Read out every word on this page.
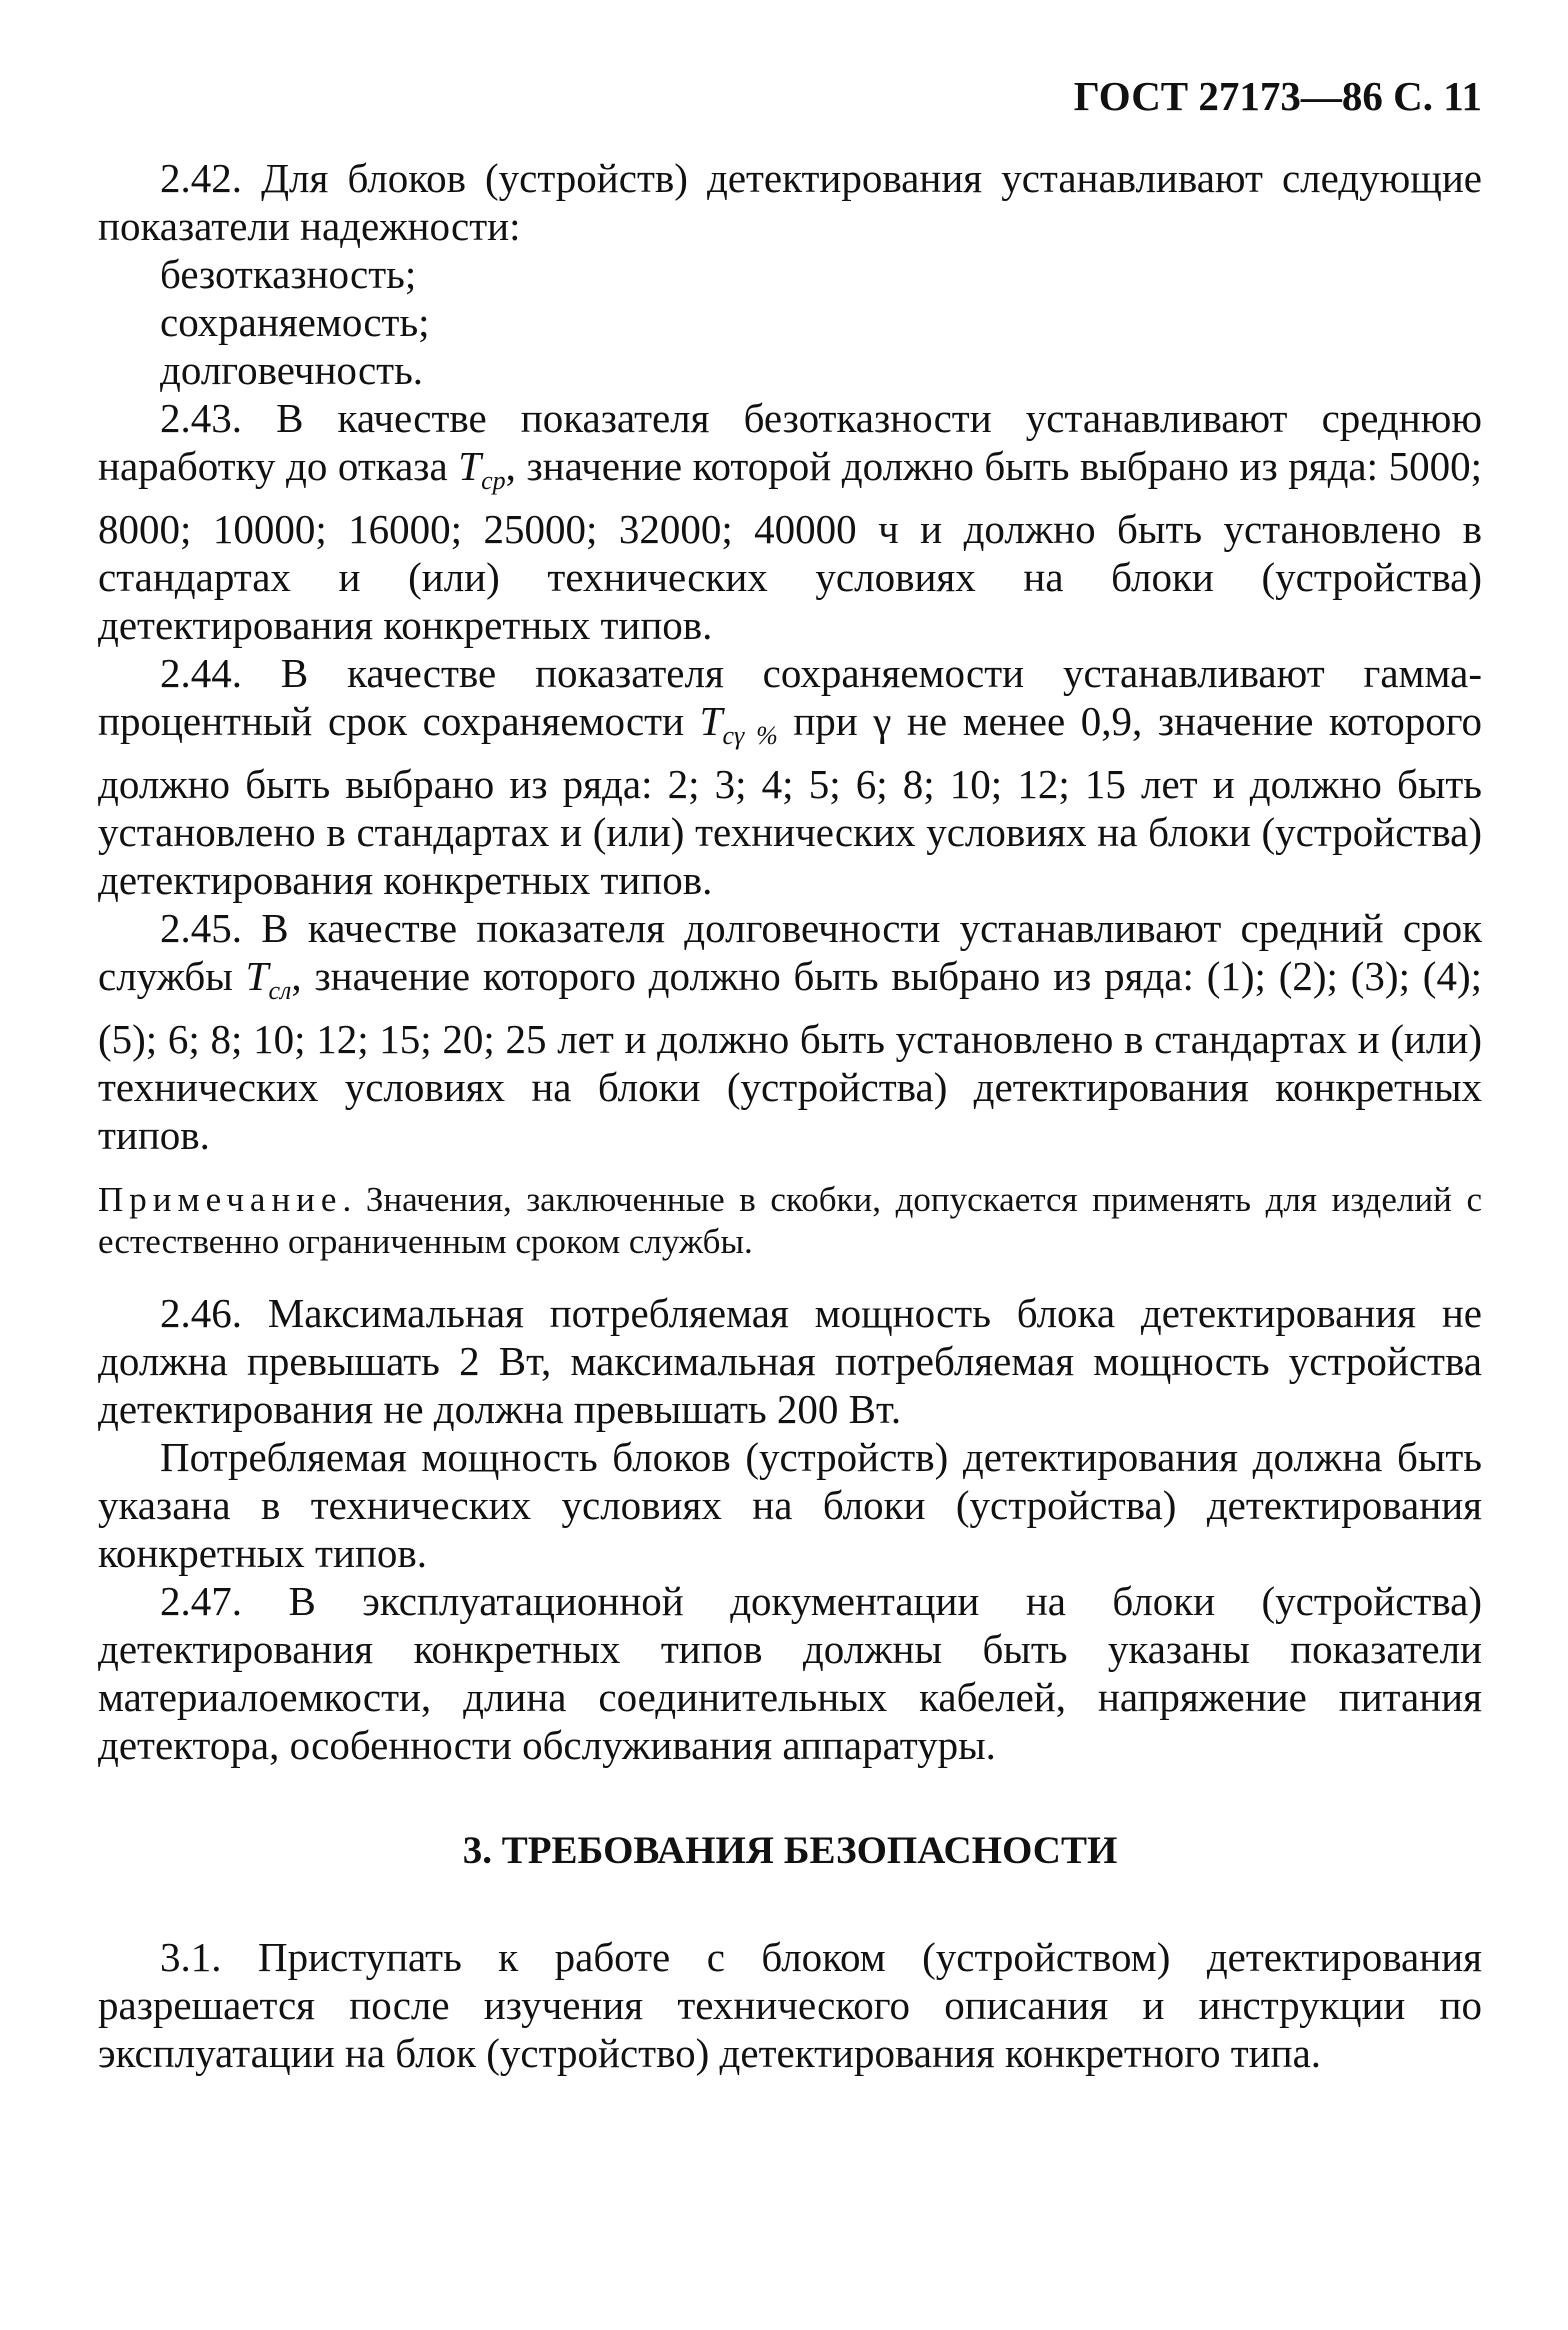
ГОСТ 27173—86 С. 11

2.42. Для блоков (устройств) детектирования устанавливают следующие показатели надежности:

безотказность;

сохраняемость;

долговечность.

2.43. В качестве показателя безотказности устанавливают среднюю наработку до отказа $T_{ср}$, значение которой должно быть выбрано из ряда: 5000; 8000; 10000; 16000; 25000; 32000; 40000 ч и должно быть установлено в стандартах и (или) технических условиях на блоки (устройства) детектирования конкретных типов.

2.44. В качестве показателя сохраняемости устанавливают гамма-процентный срок сохраняемости $T_{с\gamma \%}$ при γ не менее 0,9, значение которого должно быть выбрано из ряда: 2; 3; 4; 5; 6; 8; 10; 12; 15 лет и должно быть установлено в стандартах и (или) технических условиях на блоки (устройства) детектирования конкретных типов.

2.45. В качестве показателя долговечности устанавливают средний срок службы $T_{сл}$, значение которого должно быть выбрано из ряда: (1); (2); (3); (4); (5); 6; 8; 10; 12; 15; 20; 25 лет и должно быть установлено в стандартах и (или) технических условиях на блоки (устройства) детектирования конкретных типов.

Примечание. Значения, заключенные в скобки, допускается применять для изделий с естественно ограниченным сроком службы.

2.46. Максимальная потребляемая мощность блока детектирования не должна превышать 2 Вт, максимальная потребляемая мощность устройства детектирования не должна превышать 200 Вт.

Потребляемая мощность блоков (устройств) детектирования должна быть указана в технических условиях на блоки (устройства) детектирования конкретных типов.

2.47. В эксплуатационной документации на блоки (устройства) детектирования конкретных типов должны быть указаны показатели материалоемкости, длина соединительных кабелей, напряжение питания детектора, особенности обслуживания аппаратуры.

3. ТРЕБОВАНИЯ БЕЗОПАСНОСТИ

3.1. Приступать к работе с блоком (устройством) детектирования разрешается после изучения технического описания и инструкции по эксплуатации на блок (устройство) детектирования конкретного типа.
